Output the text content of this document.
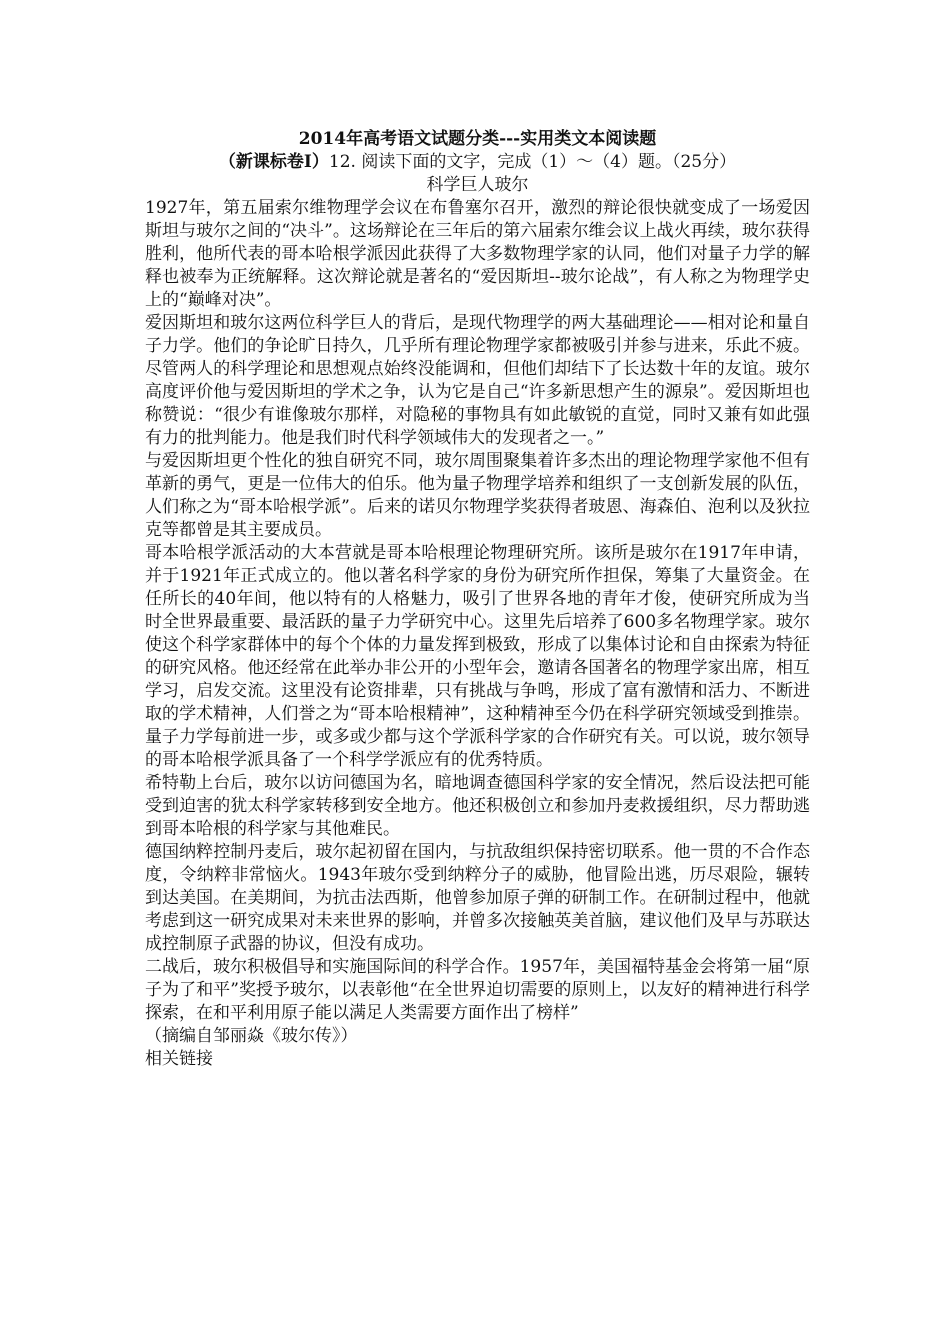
2014年高考语文试题分类---实用类文本阅读题

（新课标卷Ⅰ）12. 阅读下面的文字，完成（1）～（4）题。（25分）

科学巨人玻尔

1927年，第五届索尔维物理学会议在布鲁塞尔召开，激烈的辩论很快就变成了一场爱因斯坦与玻尔之间的“决斗”。这场辩论在三年后的第六届索尔维会议上战火再续，玻尔获得胜利，他所代表的哥本哈根学派因此获得了大多数物理学家的认同，他们对量子力学的解释也被奉为正统解释。这次辩论就是著名的“爱因斯坦--玻尔论战”，有人称之为物理学史上的“巅峰对决”。

爱因斯坦和玻尔这两位科学巨人的背后，是现代物理学的两大基础理论——相对论和量自子力学。他们的争论旷日持久，几乎所有理论物理学家都被吸引并参与进来，乐此不疲。尽管两人的科学理论和思想观点始终没能调和，但他们却结下了长达数十年的友谊。玻尔高度评价他与爱因斯坦的学术之争，认为它是自己“许多新思想产生的源泉”。爱因斯坦也称赞说：“很少有谁像玻尔那样，对隐秘的事物具有如此敏锐的直觉，同时又兼有如此强有力的批判能力。他是我们时代科学领域伟大的发现者之一。”

与爱因斯坦更个性化的独自研究不同，玻尔周围聚集着许多杰出的理论物理学家他不但有革新的勇气，更是一位伟大的伯乐。他为量子物理学培养和组织了一支创新发展的队伍，人们称之为“哥本哈根学派”。后来的诺贝尔物理学奖获得者玻恩、海森伯、泡利以及狄拉克等都曾是其主要成员。

哥本哈根学派活动的大本营就是哥本哈根理论物理研究所。该所是玻尔在1917年申请，并于1921年正式成立的。他以著名科学家的身份为研究所作担保，筹集了大量资金。在任所长的40年间，他以特有的人格魅力，吸引了世界各地的青年才俊，使研究所成为当时全世界最重要、最活跃的量子力学研究中心。这里先后培养了600多名物理学家。玻尔使这个科学家群体中的每个个体的力量发挥到极致，形成了以集体讨论和自由探索为特征的研究风格。他还经常在此举办非公开的小型年会，邀请各国著名的物理学家出席，相互学习，启发交流。这里没有论资排辈，只有挑战与争鸣，形成了富有激情和活力、不断进取的学术精神，人们誉之为“哥本哈根精神”，这种精神至今仍在科学研究领域受到推崇。量子力学每前进一步，或多或少都与这个学派科学家的合作研究有关。可以说，玻尔领导的哥本哈根学派具备了一个科学学派应有的优秀特质。

希特勒上台后，玻尔以访问德国为名，暗地调查德国科学家的安全情况，然后设法把可能受到迫害的犹太科学家转移到安全地方。他还积极创立和参加丹麦救援组织，尽力帮助逃到哥本哈根的科学家与其他难民。

德国纳粹控制丹麦后，玻尔起初留在国内，与抗敌组织保持密切联系。他一贯的不合作态度，令纳粹非常恼火。1943年玻尔受到纳粹分子的威胁，他冒险出逃，历尽艰险，辗转到达美国。在美期间，为抗击法西斯，他曾参加原子弹的研制工作。在研制过程中，他就考虑到这一研究成果对未来世界的影响，并曾多次接触英美首脑，建议他们及早与苏联达成控制原子武器的协议，但没有成功。

二战后，玻尔积极倡导和实施国际间的科学合作。1957年，美国福特基金会将第一届“原子为了和平”奖授予玻尔，以表彰他“在全世界迫切需要的原则上，以友好的精神进行科学探索，在和平利用原子能以满足人类需要方面作出了榜样”

（摘编自邹丽焱《玻尔传》）

相关链接
